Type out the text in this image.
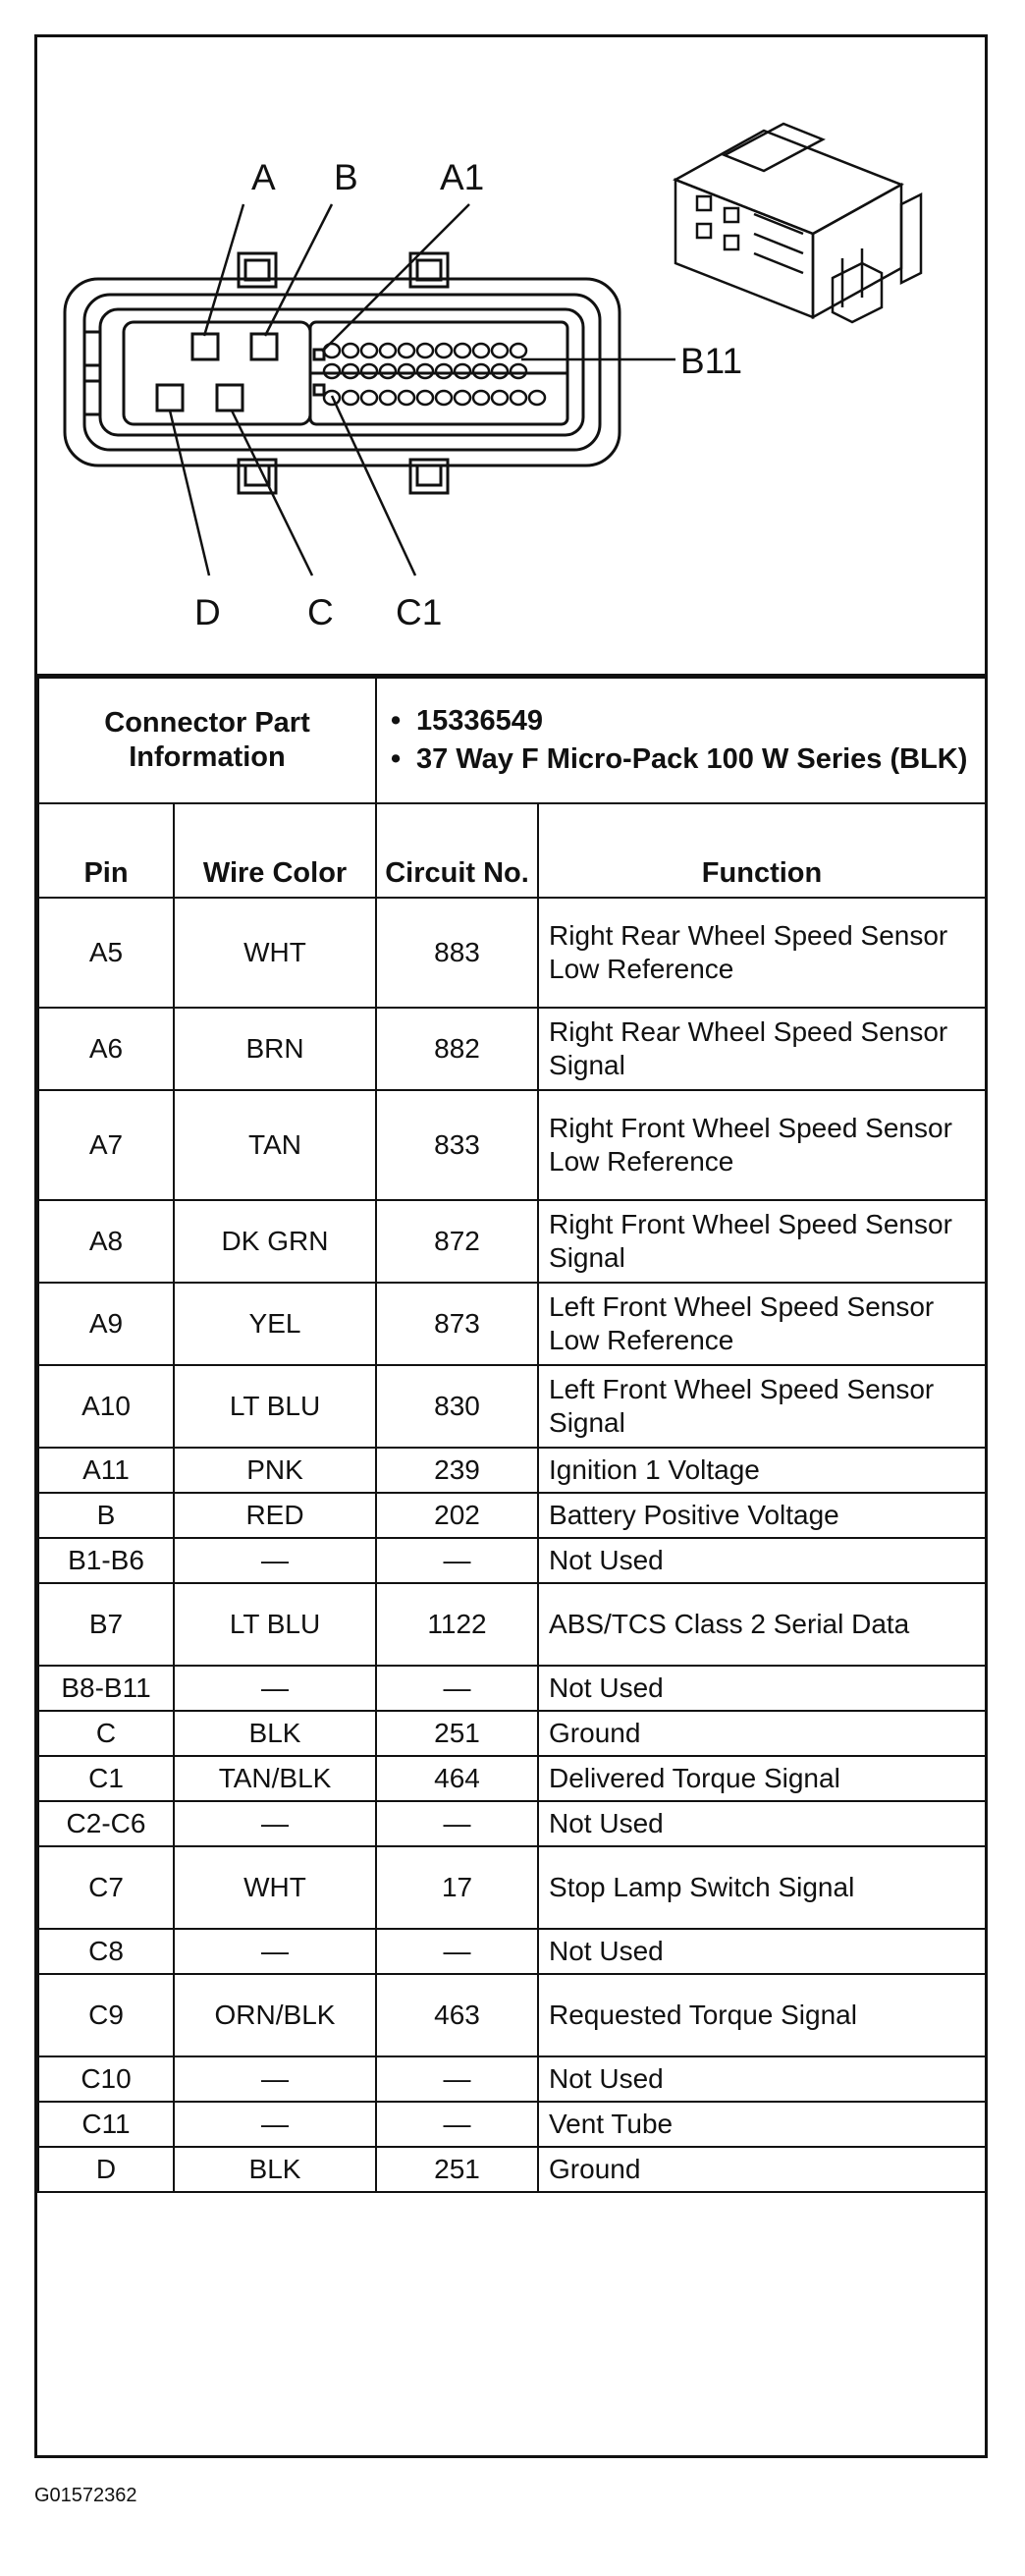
A B A1
B11
D C C1
Connector Part Information		• 15336549
• 37 Way F Micro-Pack 100 W Series (BLK)	

Pin	Wire Color	Circuit No.	Function
A5	WHT	883	Right Rear Wheel Speed Sensor Low Reference
A6	BRN	882	Right Rear Wheel Speed Sensor Signal
A7	TAN	833	Right Front Wheel Speed Sensor Low Reference
A8	DK GRN	872	Right Front Wheel Speed Sensor Signal
A9	YEL	873	Left Front Wheel Speed Sensor Low Reference
A10	LT BLU	830	Left Front Wheel Speed Sensor Signal
A11	PNK	239	Ignition 1 Voltage
B	RED	202	Battery Positive Voltage
B1-B6	—	—	Not Used
B7	LT BLU	1122	ABS/TCS Class 2 Serial Data
B8-B11	—	—	Not Used
C	BLK	251	Ground
C1	TAN/BLK	464	Delivered Torque Signal
C2-C6	—	—	Not Used
C7	WHT	17	Stop Lamp Switch Signal
C8	—	—	Not Used
C9	ORN/BLK	463	Requested Torque Signal
C10	—	—	Not Used
C11	—	—	Vent Tube
D	BLK	251	Ground
G01572362
